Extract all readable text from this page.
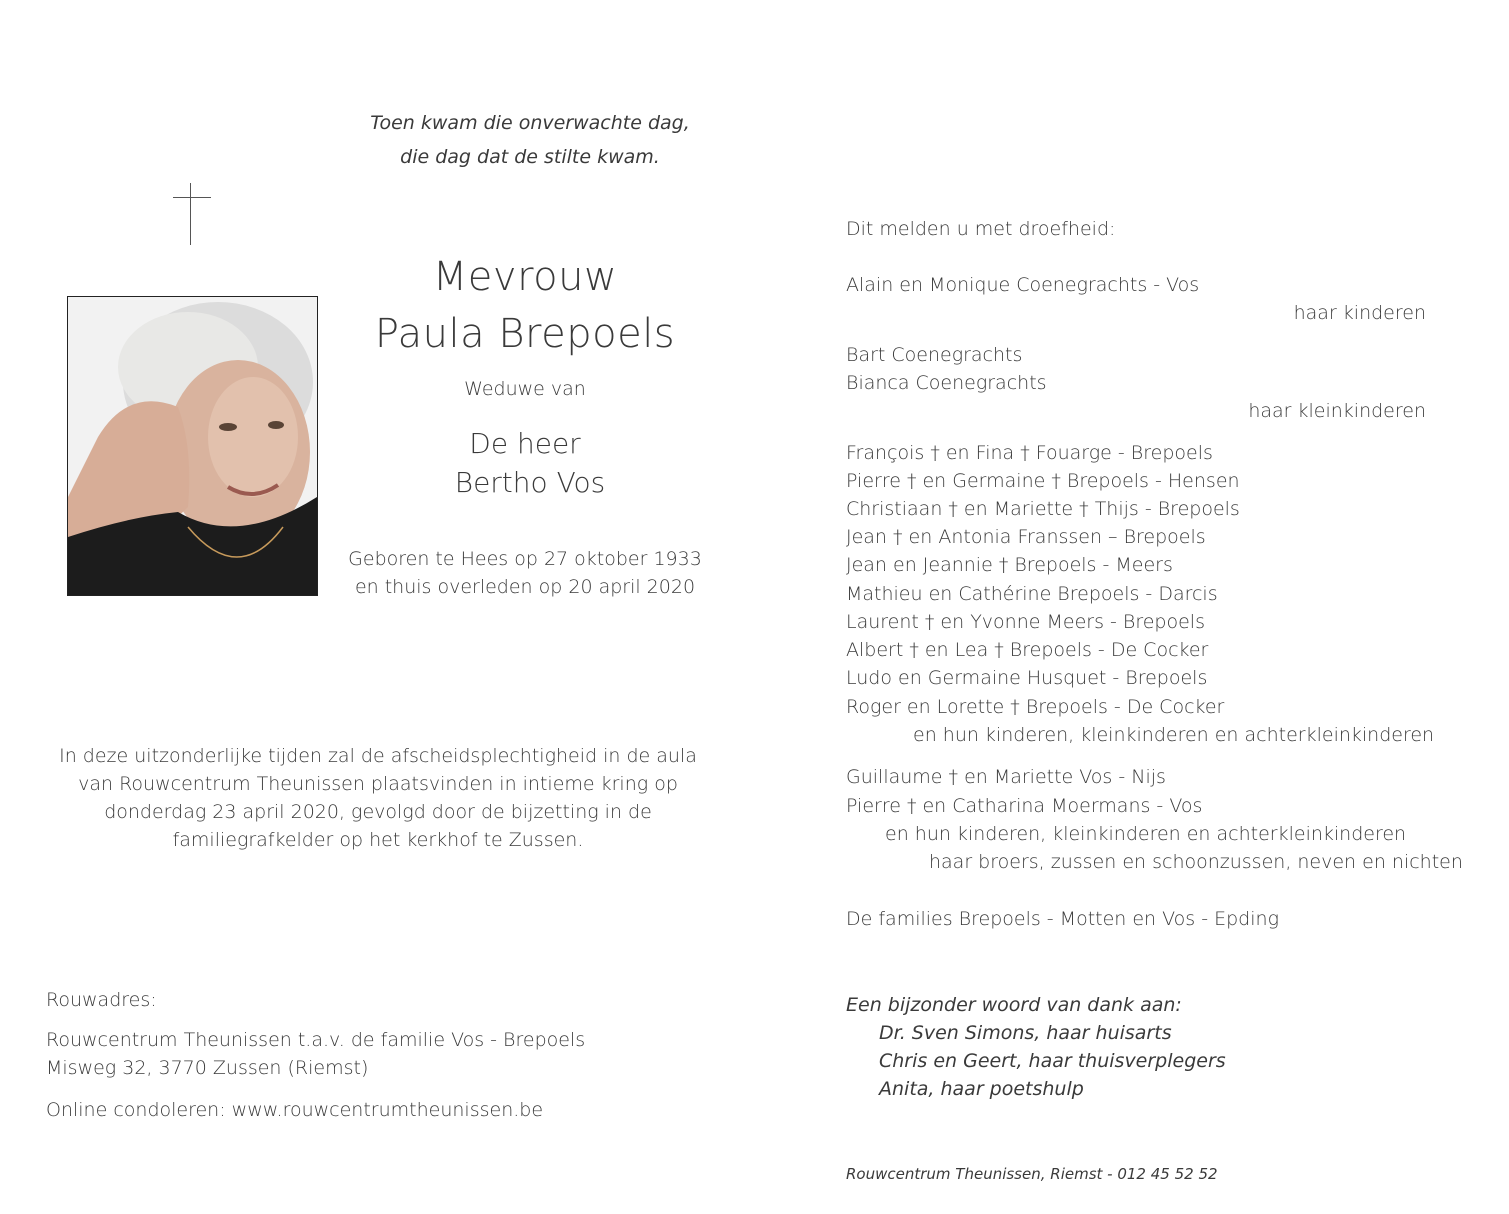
Toen kwam die onverwachte dag,
die dag dat de stilte kwam.
Mevrouw
Paula Brepoels
Weduwe van
De heer
Bertho Vos
Geboren te Hees op 27 oktober 1933
en thuis overleden op 20 april 2020
In deze uitzonderlijke tijden zal de afscheidsplechtigheid in de aula
van Rouwcentrum Theunissen plaatsvinden in intieme kring op
donderdag 23 april 2020, gevolgd door de bijzetting in de
familiegrafkelder op het kerkhof te Zussen.
Rouwadres:
Rouwcentrum Theunissen t.a.v. de familie Vos - Brepoels
Misweg 32, 3770 Zussen (Riemst)
Online condoleren: www.rouwcentrumtheunissen.be
Dit melden u met droefheid:
Alain en Monique Coenegrachts - Vos
haar kinderen
Bart Coenegrachts
Bianca Coenegrachts
haar kleinkinderen
François † en Fina † Fouarge - Brepoels
Pierre † en Germaine † Brepoels - Hensen
Christiaan † en Mariette † Thijs - Brepoels
Jean † en Antonia Franssen – Brepoels
Jean en Jeannie † Brepoels - Meers
Mathieu en Cathérine Brepoels - Darcis
Laurent † en Yvonne Meers - Brepoels
Albert † en Lea † Brepoels - De Cocker
Ludo en Germaine Husquet - Brepoels
Roger en Lorette † Brepoels - De Cocker
en hun kinderen, kleinkinderen en achterkleinkinderen
Guillaume † en Mariette Vos - Nijs
Pierre † en Catharina Moermans - Vos
en hun kinderen, kleinkinderen en achterkleinkinderen
haar broers, zussen en schoonzussen, neven en nichten
De families Brepoels - Motten en Vos - Epding
Een bijzonder woord van dank aan:
Dr. Sven Simons, haar huisarts
Chris en Geert, haar thuisverplegers
Anita, haar poetshulp
Rouwcentrum Theunissen, Riemst - 012 45 52 52
